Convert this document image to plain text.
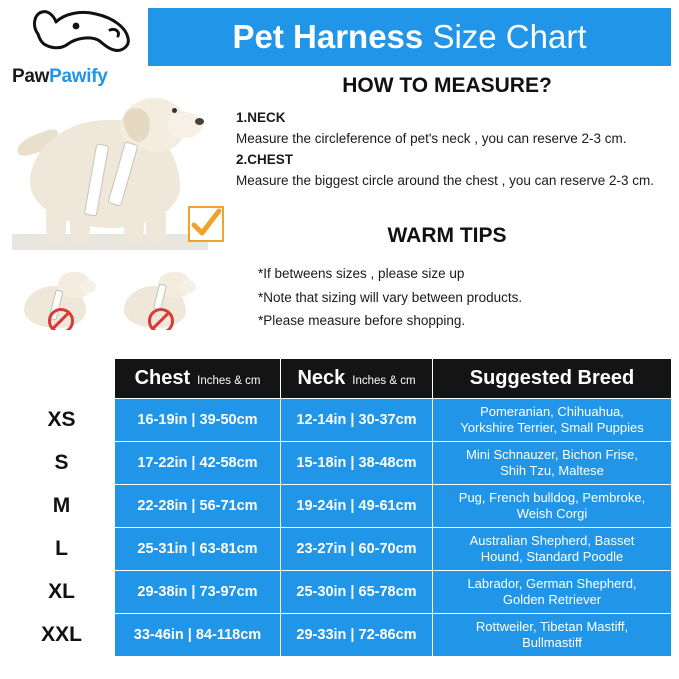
PawPawify
Pet Harness Size Chart
HOW TO MEASURE?
1.NECK
Measure the circleference of pet's neck , you can reserve 2-3 cm.
2.CHEST
Measure the biggest circle around the chest , you can reserve 2-3 cm.
WARM TIPS
*If betweens sizes , please size up
*Note that sizing will vary between products.
*Please measure before shopping.

	Chest Inches & cm	Neck Inches & cm	Suggested Breed

XS	16-19in | 39-50cm	12-14in | 30-37cm	Pomeranian, Chihuahua,
Yorkshire Terrier, Small Puppies
S	17-22in | 42-58cm	15-18in | 38-48cm	Mini Schnauzer, Bichon Frise,
Shih Tzu, Maltese
M	22-28in | 56-71cm	19-24in | 49-61cm	Pug, French bulldog, Pembroke,
Weish Corgi
L	25-31in | 63-81cm	23-27in | 60-70cm	Australian Shepherd, Basset
Hound, Standard Poodle
XL	29-38in | 73-97cm	25-30in | 65-78cm	Labrador, German Shepherd,
Golden Retriever
XXL	33-46in | 84-118cm	29-33in | 72-86cm	Rottweiler, Tibetan Mastiff,
Bullmastiff
